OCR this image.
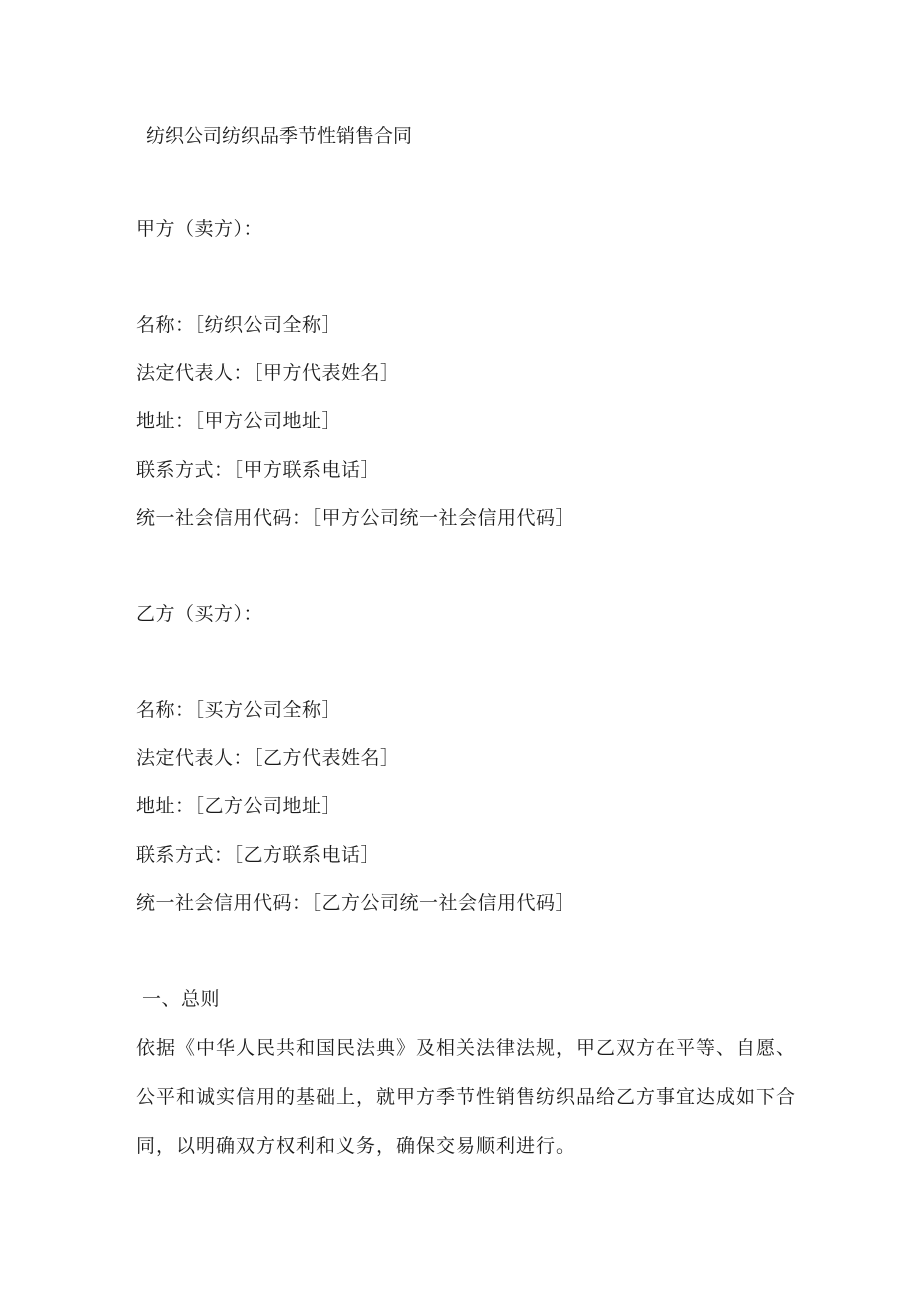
纺织公司纺织品季节性销售合同
甲方（卖方）：
名称：［纺织公司全称］
法定代表人：［甲方代表姓名］
地址：［甲方公司地址］
联系方式：［甲方联系电话］
统一社会信用代码：［甲方公司统一社会信用代码］
乙方（买方）：
名称：［买方公司全称］
法定代表人：［乙方代表姓名］
地址：［乙方公司地址］
联系方式：［乙方联系电话］
统一社会信用代码：［乙方公司统一社会信用代码］
一、总则
依据《中华人民共和国民法典》及相关法律法规，甲乙双方在平等、自愿、公平和诚实信用的基础上，就甲方季节性销售纺织品给乙方事宜达成如下合同，以明确双方权利和义务，确保交易顺利进行。
